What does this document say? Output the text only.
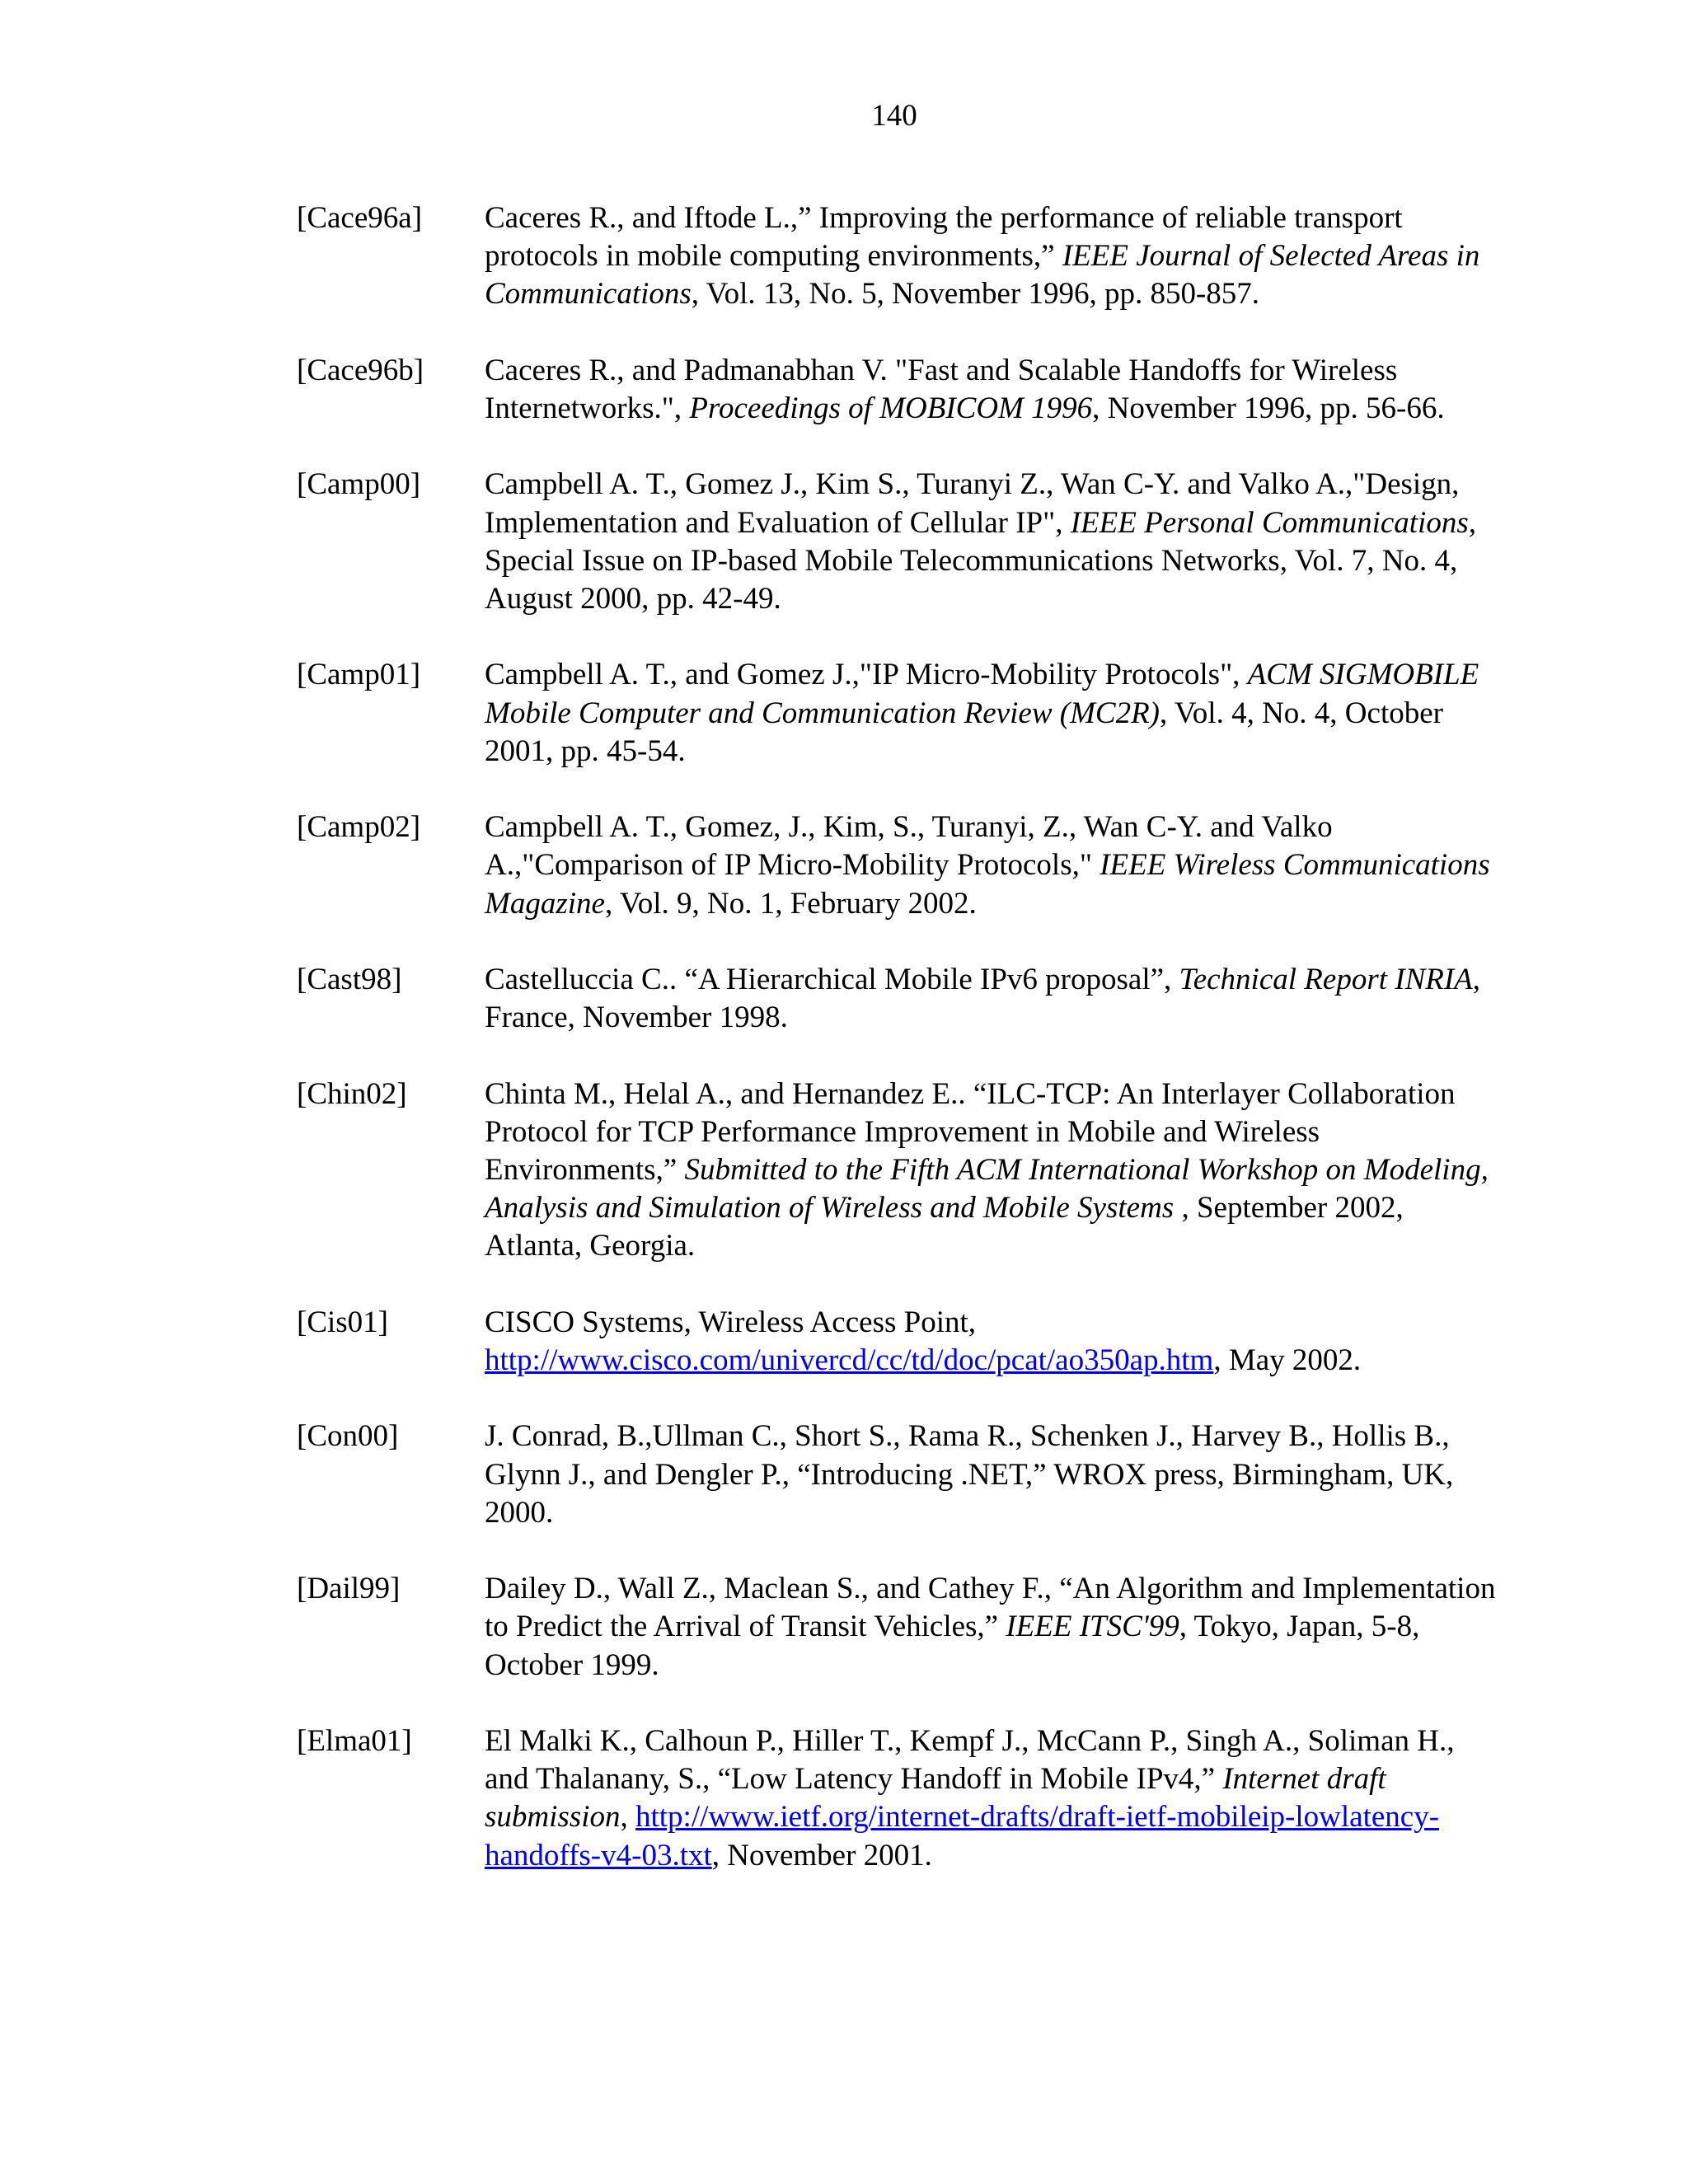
140
[Cace96a] Caceres R., and Iftode L.,” Improving the performance of reliable transport protocols in mobile computing environments,” IEEE Journal of Selected Areas in Communications, Vol. 13, No. 5, November 1996, pp. 850-857.
[Cace96b] Caceres R., and Padmanabhan V. "Fast and Scalable Handoffs for Wireless Internetworks.", Proceedings of MOBICOM 1996, November 1996, pp. 56-66.
[Camp00] Campbell A. T., Gomez J., Kim S., Turanyi Z., Wan C-Y. and Valko A.,"Design, Implementation and Evaluation of Cellular IP", IEEE Personal Communications, Special Issue on IP-based Mobile Telecommunications Networks, Vol. 7, No. 4, August 2000, pp. 42-49.
[Camp01] Campbell A. T., and Gomez J.,"IP Micro-Mobility Protocols", ACM SIGMOBILE Mobile Computer and Communication Review (MC2R), Vol. 4, No. 4, October 2001, pp. 45-54.
[Camp02] Campbell A. T., Gomez, J., Kim, S., Turanyi, Z., Wan C-Y. and Valko A.,"Comparison of IP Micro-Mobility Protocols," IEEE Wireless Communications Magazine, Vol. 9, No. 1, February 2002.
[Cast98]	Castelluccia C.. “A Hierarchical Mobile IPv6 proposal”, Technical Report INRIA, France, November 1998.
[Chin02]	Chinta M., Helal A., and Hernandez E.. “ILC-TCP: An Interlayer Collaboration Protocol for TCP Performance Improvement in Mobile and Wireless Environments,” Submitted to the Fifth ACM International Workshop on Modeling, Analysis and Simulation of Wireless and Mobile Systems , September 2002, Atlanta, Georgia.
[Cis01]	CISCO Systems, Wireless Access Point, http://www.cisco.com/univercd/cc/td/doc/pcat/ao350ap.htm, May 2002.
[Con00]	J. Conrad, B.,Ullman C., Short S., Rama R., Schenken J., Harvey B., Hollis B., Glynn J., and Dengler P., “Introducing .NET,” WROX press, Birmingham, UK, 2000.
[Dail99]	Dailey D., Wall Z., Maclean S., and Cathey F., “An Algorithm and Implementation to Predict the Arrival of Transit Vehicles,” IEEE ITSC'99, Tokyo, Japan, 5-8, October 1999.
[Elma01] El Malki K., Calhoun P., Hiller T., Kempf J., McCann P., Singh A., Soliman H., and Thalanany, S., “Low Latency Handoff in Mobile IPv4,” Internet draft submission, http://www.ietf.org/internet-drafts/draft-ietf-mobileip-lowlatency-handoffs-v4-03.txt, November 2001.
